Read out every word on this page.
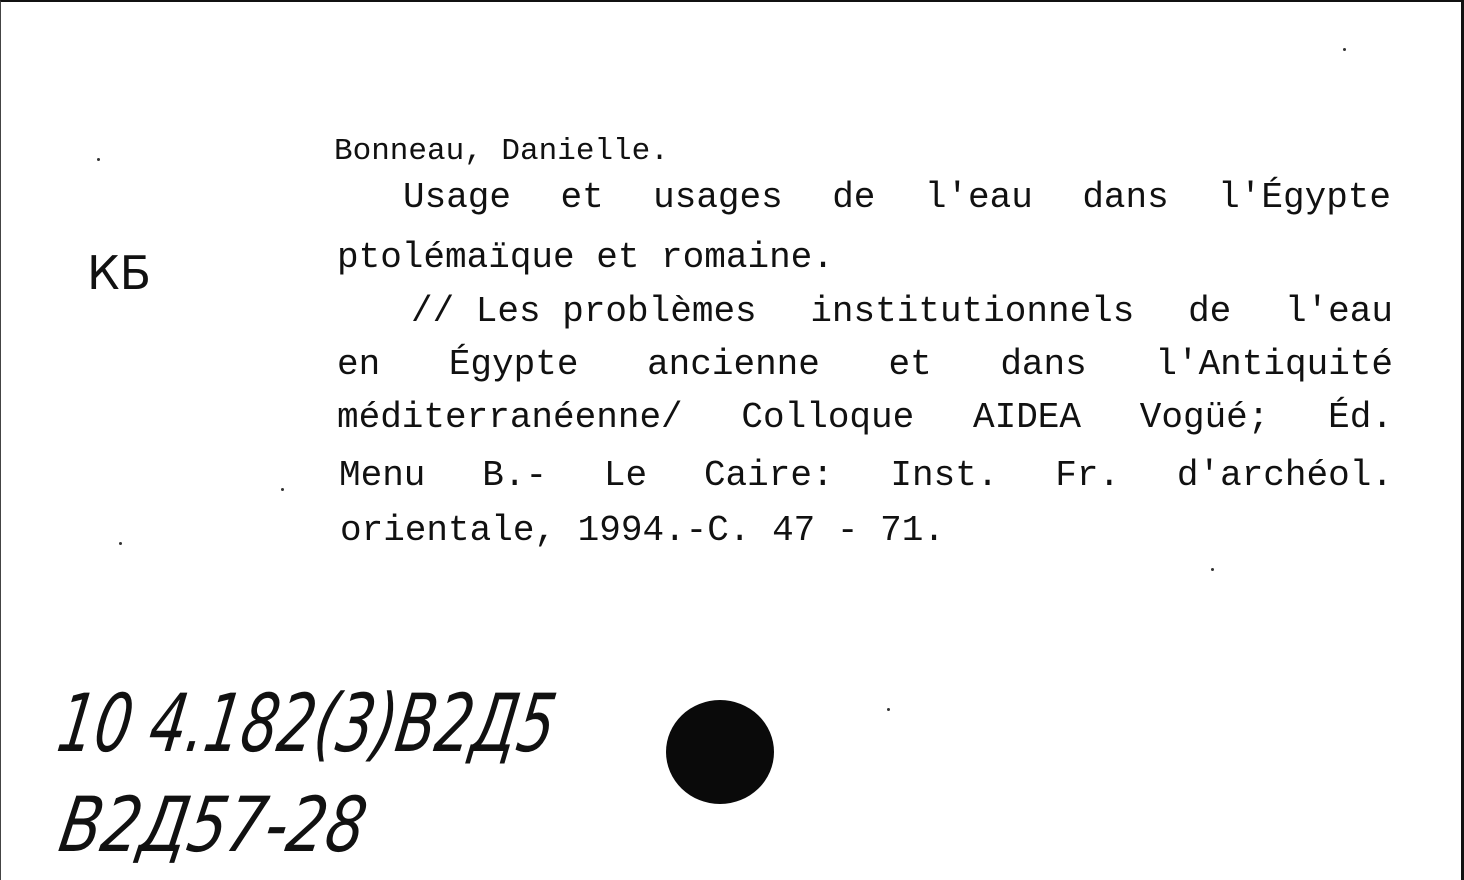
КБ
Bonneau, Danielle.
Usage et usages de l'eau dans l'Égypte
ptolémaïque et romaine.
// Les problèmes institutionnels de l'eau
en Égypte ancienne et dans l'Antiquité
méditerranéenne/ Colloque AIDEA Vogüé; Éd.
Menu B.- Le Caire: Inst. Fr. d'archéol.
orientale, 1994.-C. 47 - 71.
10 4.182(3)B2Д5
B2Д57-28
